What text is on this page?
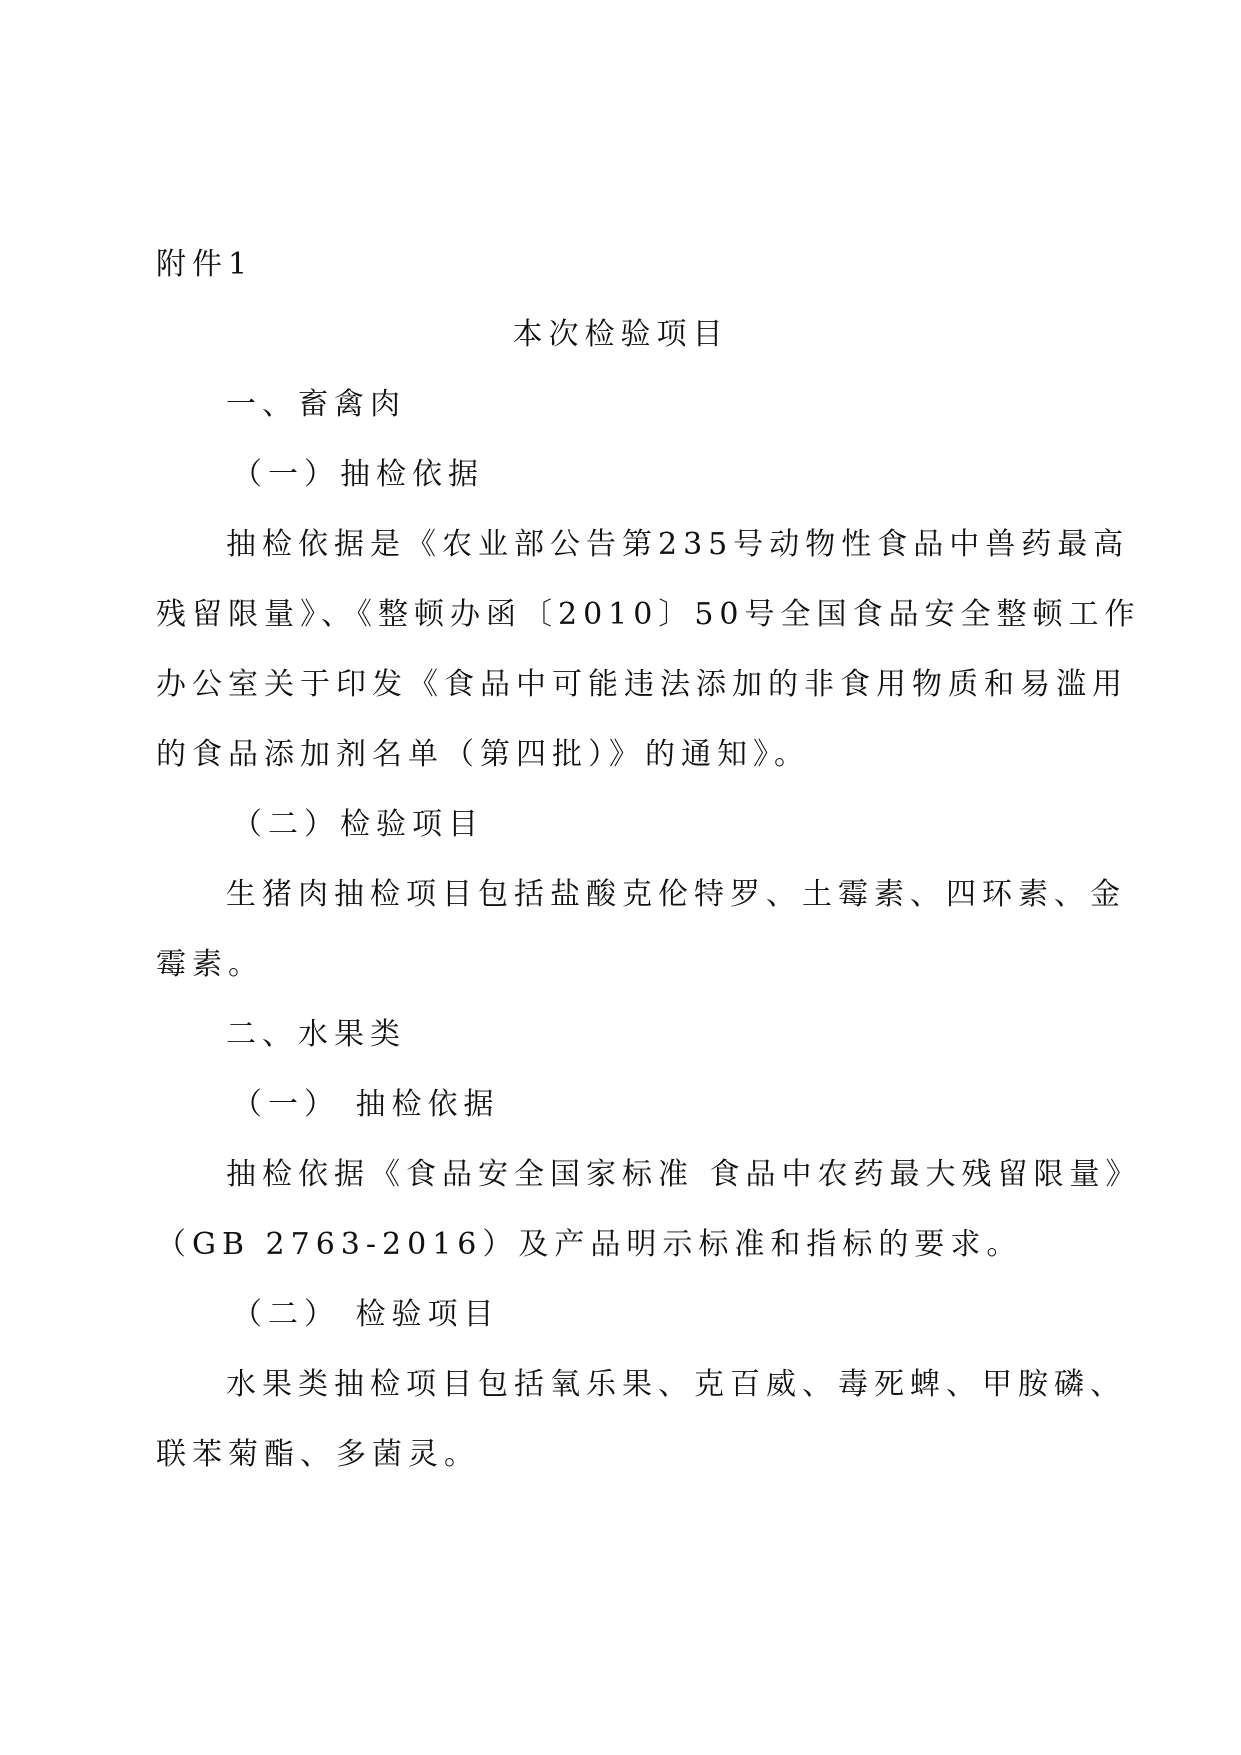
附件1

本次检验项目
一、畜禽肉
（一）抽检依据

抽检依据是《农业部公告第235号动物性食品中兽药最高

残留限量》、《整顿办函〔2010〕50号全国食品安全整顿工作

办公室关于印发《食品中可能违法添加的非食用物质和易滥用

的食品添加剂名单（第四批）》的通知》。

（二）检验项目

生猪肉抽检项目包括盐酸克伦特罗、土霉素、四环素、金

霉素。

二、水果类
（一） 抽检依据

抽检依据《食品安全国家标准 食品中农药最大残留限量》

（GB 2763-2016）及产品明示标准和指标的要求。

（二） 检验项目

水果类抽检项目包括氧乐果、克百威、毒死蜱、甲胺磷、

联苯菊酯、多菌灵。
